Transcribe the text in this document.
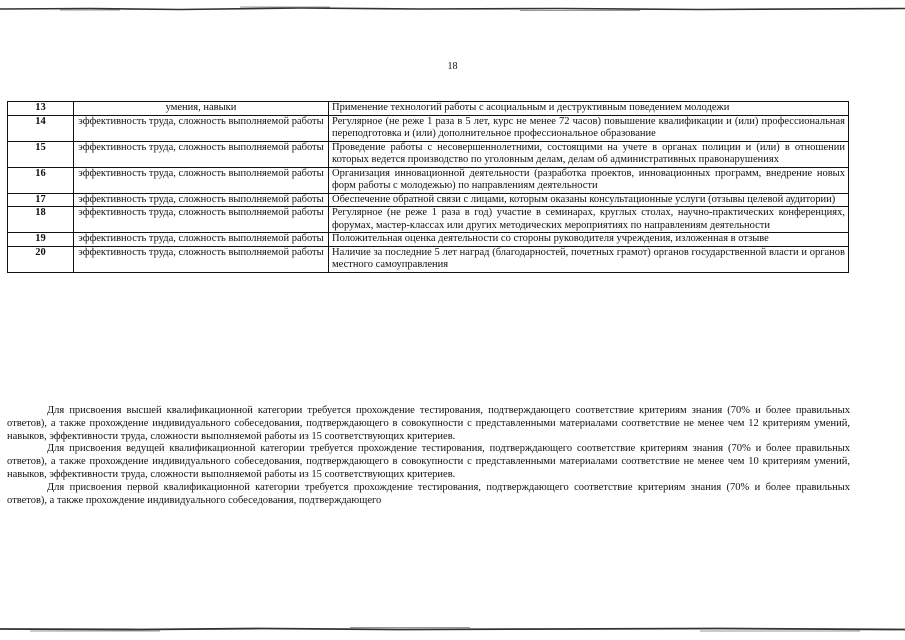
18
13	умения, навыки	Применение технологий работы с асоциальным и деструктивным поведением молодежи
14	эффективность труда, сложность выполняемой работы	Регулярное (не реже 1 раза в 5 лет, курс не менее 72 часов) повышение квалификации и (или) профессиональная переподготовка и (или) дополнительное профессиональное образование
15	эффективность труда, сложность выполняемой работы	Проведение работы с несовершеннолетними, состоящими на учете в органах полиции и (или) в отношении которых ведется производство по уголовным делам, делам об административных правонарушениях
16	эффективность труда, сложность выполняемой работы	Организация инновационной деятельности (разработка проектов, инновационных программ, внедрение новых форм работы с молодежью) по направлениям деятельности
17	эффективность труда, сложность выполняемой работы	Обеспечение обратной связи с лицами, которым оказаны консультационные услуги (отзывы целевой аудитории)
18	эффективность труда, сложность выполняемой работы	Регулярное (не реже 1 раза в год) участие в семинарах, круглых столах, научно-практических конференциях, форумах, мастер-классах или других методических мероприятиях по направлениям деятельности
19	эффективность труда, сложность выполняемой работы	Положительная оценка деятельности со стороны руководителя учреждения, изложенная в отзыве
20	эффективность труда, сложность выполняемой работы	Наличие за последние 5 лет наград (благодарностей, почетных грамот) органов государственной власти и органов местного самоуправления

Для присвоения высшей квалификационной категории требуется прохождение тестирования, подтверждающего соответствие критериям знания (70% и более правильных ответов), а также прохождение индивидуального собеседования, подтверждающего в совокупности с представленными материалами соответствие не менее чем 12 критериям умений, навыков, эффективности труда, сложности выполняемой работы из 15 соответствующих критериев.

Для присвоения ведущей квалификационной категории требуется прохождение тестирования, подтверждающего соответствие критериям знания (70% и более правильных ответов), а также прохождение индивидуального собеседования, подтверждающего в совокупности с представленными материалами соответствие не менее чем 10 критериям умений, навыков, эффективности труда, сложности выполняемой работы из 15 соответствующих критериев.

Для присвоения первой квалификационной категории требуется прохождение тестирования, подтверждающего соответствие критериям знания (70% и более правильных ответов), а также прохождение индивидуального собеседования, подтверждающего
